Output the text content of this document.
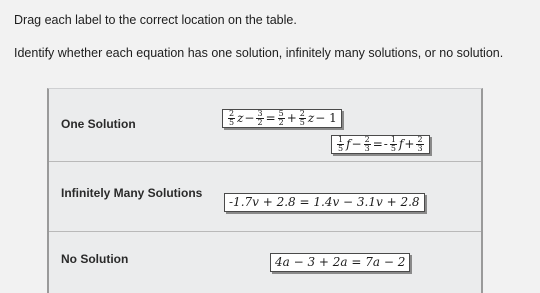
Drag each label to the correct location on the table.

Identify whether each equation has one solution, infinitely many solutions, or no solution.

One Solution
Infinitely Many Solutions
No Solution
$\frac{2}{5}$ $z - \frac{3}{2} = \frac{5}{2} + \frac{2}{5}$ z − 1
$\frac{1}{5}$ $f - \frac{2}{3}$ = - $\frac{1}{5}$ $f + \frac{2}{3}$
-1.7v + 2.8 = 1.4v − 3.1v + 2.8
4a − 3 + 2a = 7a − 2
